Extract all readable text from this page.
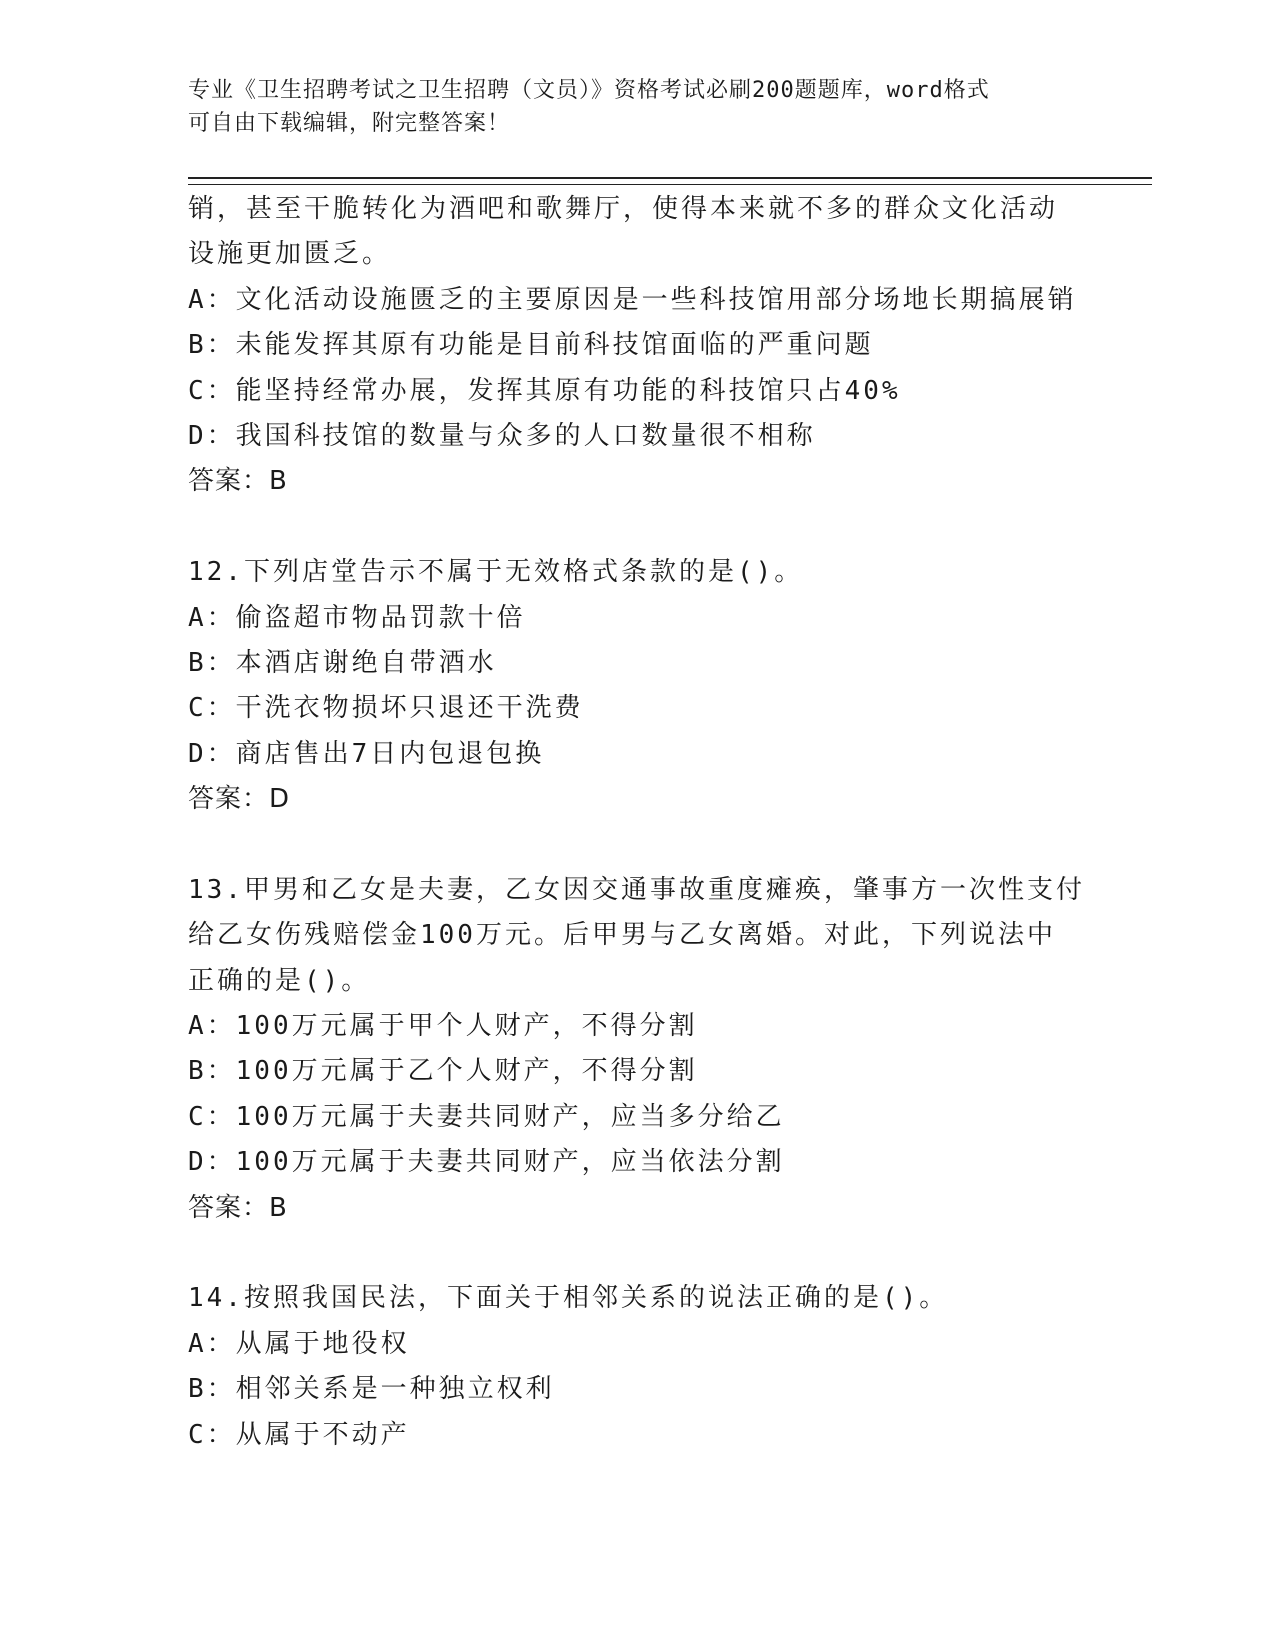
专业《卫生招聘考试之卫生招聘（文员）》资格考试必刷200题题库，word格式
可自由下载编辑，附完整答案！
销，甚至干脆转化为酒吧和歌舞厅，使得本来就不多的群众文化活动
设施更加匮乏。
A：文化活动设施匮乏的主要原因是一些科技馆用部分场地长期搞展销
B：未能发挥其原有功能是目前科技馆面临的严重问题
C：能坚持经常办展，发挥其原有功能的科技馆只占40%
D：我国科技馆的数量与众多的人口数量很不相称
答案：B
12.下列店堂告示不属于无效格式条款的是()。
A：偷盗超市物品罚款十倍
B：本酒店谢绝自带酒水
C：干洗衣物损坏只退还干洗费
D：商店售出7日内包退包换
答案：D
13.甲男和乙女是夫妻，乙女因交通事故重度瘫痪，肇事方一次性支付
给乙女伤残赔偿金100万元。后甲男与乙女离婚。对此，下列说法中
正确的是()。
A：100万元属于甲个人财产，不得分割
B：100万元属于乙个人财产，不得分割
C：100万元属于夫妻共同财产，应当多分给乙
D：100万元属于夫妻共同财产，应当依法分割
答案：B
14.按照我国民法，下面关于相邻关系的说法正确的是()。
A：从属于地役权
B：相邻关系是一种独立权利
C：从属于不动产
